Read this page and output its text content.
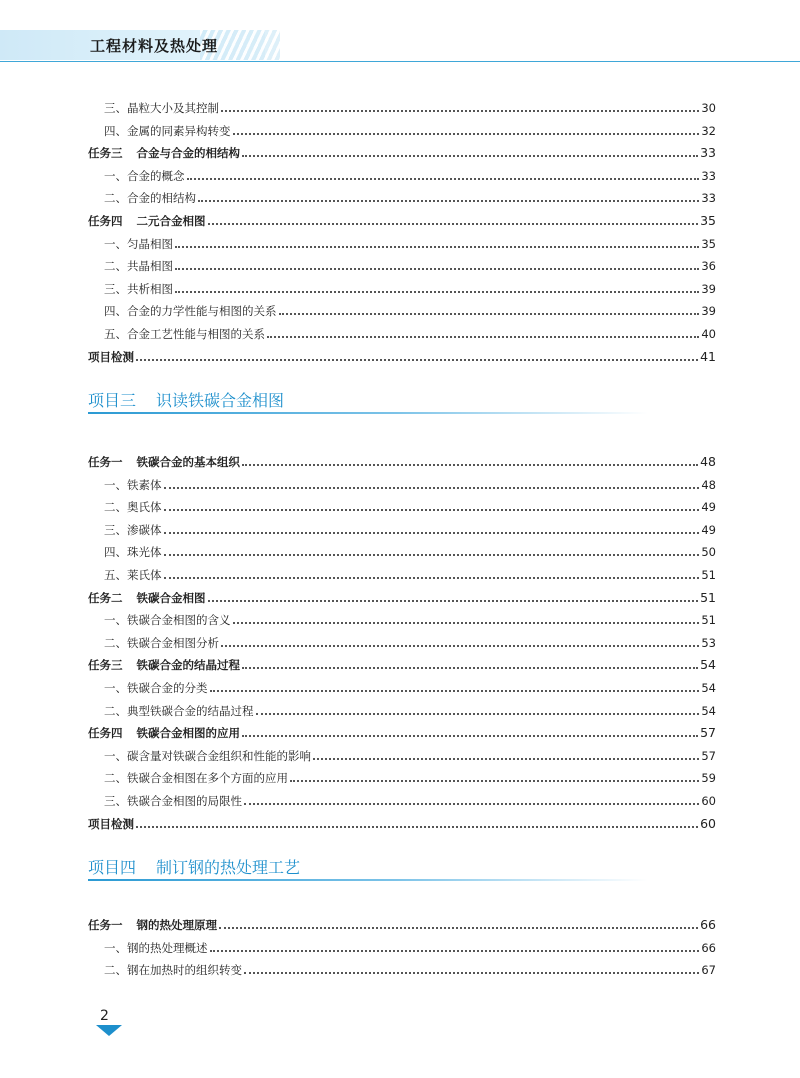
工程材料及热处理
三、晶粒大小及其控制	30
四、金属的同素异构转变	32
任务三 合金与合金的相结构	33
一、合金的概念	33
二、合金的相结构	33
任务四 二元合金相图	35
一、匀晶相图	35
二、共晶相图	36
三、共析相图	39
四、合金的力学性能与相图的关系	39
五、合金工艺性能与相图的关系	40
项目检测	41
项目三 识读铁碳合金相图
任务一 铁碳合金的基本组织	48
一、铁素体	48
二、奥氏体	49
三、渗碳体	49
四、珠光体	50
五、莱氏体	51
任务二 铁碳合金相图	51
一、铁碳合金相图的含义	51
二、铁碳合金相图分析	53
任务三 铁碳合金的结晶过程	54
一、铁碳合金的分类	54
二、典型铁碳合金的结晶过程	54
任务四 铁碳合金相图的应用	57
一、碳含量对铁碳合金组织和性能的影响	57
二、铁碳合金相图在多个方面的应用	59
三、铁碳合金相图的局限性	60
项目检测	60
项目四 制订钢的热处理工艺
任务一 钢的热处理原理	66
一、钢的热处理概述	66
二、钢在加热时的组织转变	67
2
